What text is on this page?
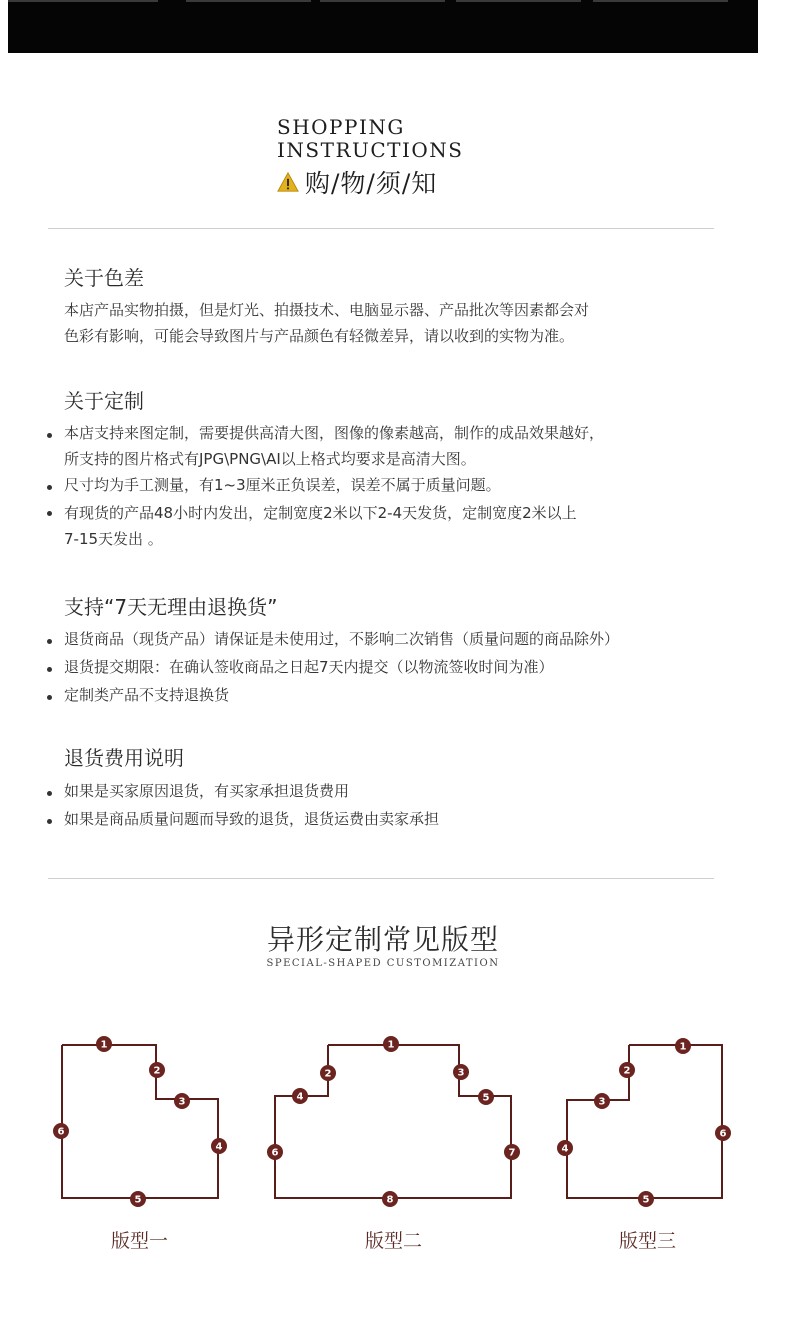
SHOPPING
INSTRUCTIONS
购/物/须/知
关于色差
本店产品实物拍摄，但是灯光、拍摄技术、电脑显示器、产品批次等因素都会对
色彩有影响，可能会导致图片与产品颜色有轻微差异，请以收到的实物为准。
关于定制
本店支持来图定制，需要提供高清大图，图像的像素越高，制作的成品效果越好，
所支持的图片格式有JPG\PNG\AI以上格式均要求是高清大图。
尺寸均为手工测量，有1~3厘米正负误差，误差不属于质量问题。
有现货的产品48小时内发出，定制宽度2米以下2-4天发货，定制宽度2米以上
7-15天发出 。
支持“7天无理由退换货”
退货商品（现货产品）请保证是未使用过，不影响二次销售（质量问题的商品除外）
退货提交期限：在确认签收商品之日起7天内提交（以物流签收时间为准）
定制类产品不支持退换货
退货费用说明
如果是买家原因退货，有买家承担退货费用
如果是商品质量问题而导致的退货，退货运费由卖家承担
异形定制常见版型
SPECIAL-SHAPED CUSTOMIZATION
1
2
3
4
5
6
1
2	3
4	5
6	7
8
1
2
3
4
5
6
版型一	版型二	版型三
